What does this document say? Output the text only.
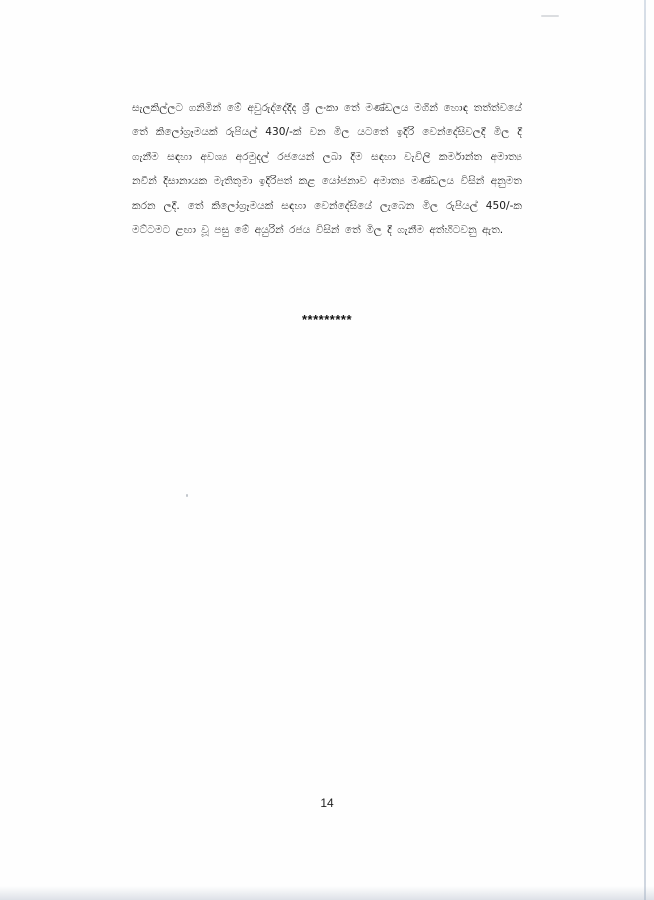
සැලකිල්ලට ගනිමින් මේ අවුරුද්දේදීද ශ්‍රී ලංකා තේ මණ්ඩලය මගින් හොඳ තත්ත්වයේ තේ කිලෝග්‍රෑමයක් රුපියල් 430/-ක් වන මිල යටතේ ඉදිරි වෙන්දේසිවලදී මිල දී ගැනීම සඳහා අවශ්‍ය අරමුදල් රජයෙන් ලබා දීම සඳහා වැවිලි කර්මාන්ත අමාත්‍ය නවීන් දිසානායක මැතිතුමා ඉදිරිපත් කළ යෝජනාව අමාත්‍ය මණ්ඩලය විසින් අනුමත කරන ලදී. තේ කිලෝග්‍රෑමයක් සඳහා වෙන්දේසියේ ලැබෙන මිල රුපියල් 450/-ක මට්ටමට ළඟා වූ පසු මේ අයුරින් රජය විසින් තේ මිල දී ගැනීම අත්හිටවනු ඇත.

*********
14
